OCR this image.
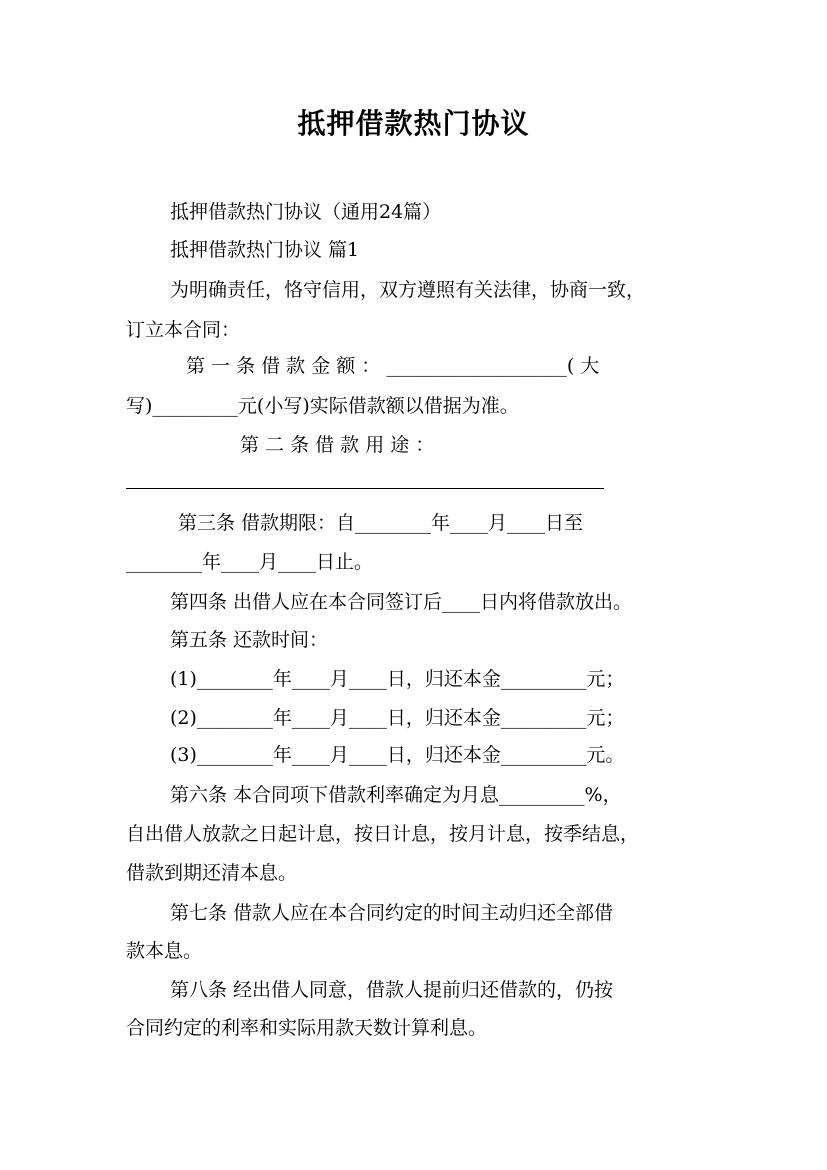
抵押借款热门协议
抵押借款热门协议（通用24篇）
抵押借款热门协议 篇1
为明确责任，恪守信用，双方遵照有关法律，协商一致，
订立本合同：
第 一 条 借 款 金 额 ： ___________________( 大
写)_________元(小写)实际借款额以借据为准。
第 二 条 借 款 用 途 ：
第三条 借款期限：自________年____月____日至
________年____月____日止。
第四条 出借人应在本合同签订后____日内将借款放出。
第五条 还款时间：
(1)________年____月____日，归还本金_________元；
(2)________年____月____日，归还本金_________元；
(3)________年____月____日，归还本金_________元。
第六条 本合同项下借款利率确定为月息_________%，
自出借人放款之日起计息，按日计息，按月计息，按季结息，
借款到期还清本息。
第七条 借款人应在本合同约定的时间主动归还全部借
款本息。
第八条 经出借人同意，借款人提前归还借款的，仍按
合同约定的利率和实际用款天数计算利息。
